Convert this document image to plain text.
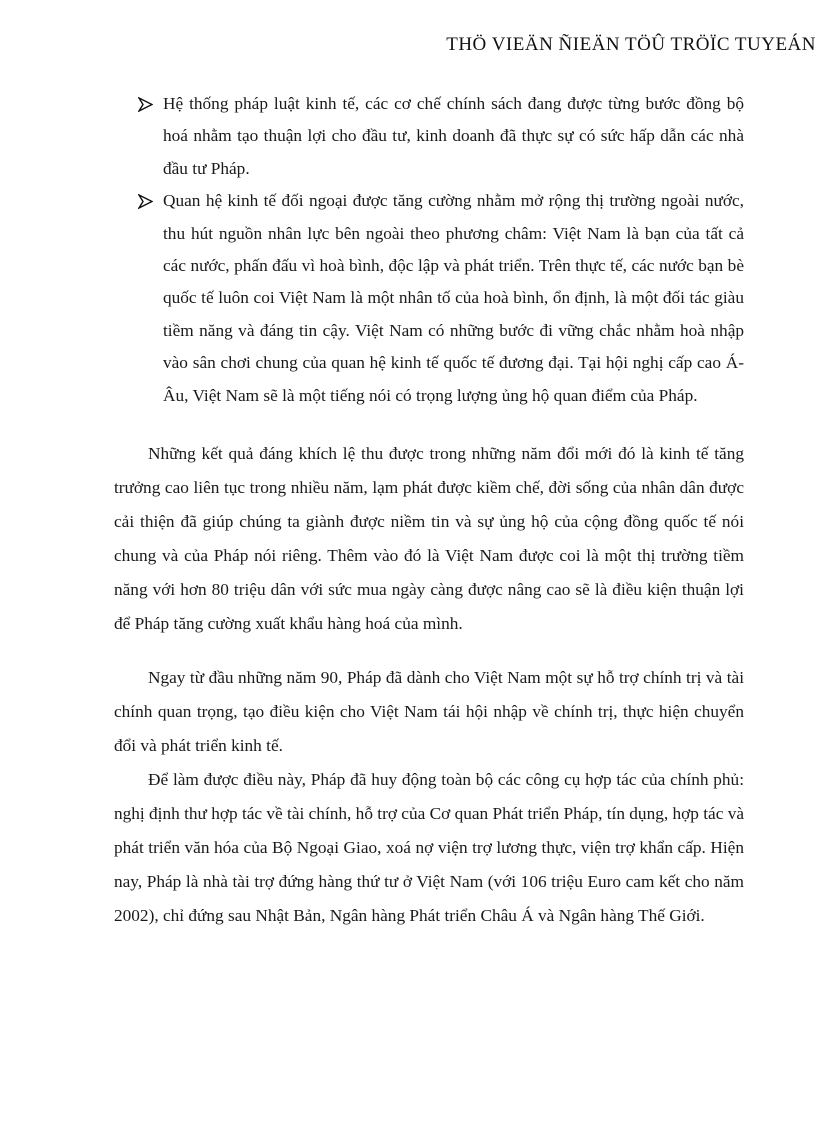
THÖ VIEÄN ÑIEÄN TÖÛ TRÖÏC TUYEÁN
Hệ thống pháp luật kinh tế, các cơ chế chính sách đang được từng bước đồng bộ hoá nhằm tạo thuận lợi cho đầu tư, kinh doanh đã thực sự có sức hấp dẫn các nhà đầu tư Pháp.
Quan hệ kinh tế đối ngoại được tăng cường nhằm mở rộng thị trường ngoài nước, thu hút nguồn nhân lực bên ngoài theo phương châm: Việt Nam là bạn của tất cả các nước, phấn đấu vì hoà bình, độc lập và phát triển. Trên thực tế, các nước bạn bè quốc tế luôn coi Việt Nam là một nhân tố của hoà bình, ổn định, là một đối tác giàu tiềm năng và đáng tin cậy. Việt Nam có những bước đi vững chắc nhằm hoà nhập vào sân chơi chung của quan hệ kinh tế quốc tế đương đại. Tại hội nghị cấp cao Á-Âu, Việt Nam sẽ là một tiếng nói có trọng lượng ủng hộ quan điểm của Pháp.

Những kết quả đáng khích lệ thu được trong những năm đổi mới đó là kinh tế tăng trưởng cao liên tục trong nhiều năm, lạm phát được kiềm chế, đời sống của nhân dân được cải thiện đã giúp chúng ta giành được niềm tin và sự ủng hộ của cộng đồng quốc tế nói chung và của Pháp nói riêng. Thêm vào đó là Việt Nam được coi là một thị trường tiềm năng với hơn 80 triệu dân với sức mua ngày càng được nâng cao sẽ là điều kiện thuận lợi để Pháp tăng cường xuất khẩu hàng hoá của mình.

Ngay từ đầu những năm 90, Pháp đã dành cho Việt Nam một sự hỗ trợ chính trị và tài chính quan trọng, tạo điều kiện cho Việt Nam tái hội nhập về chính trị, thực hiện chuyển đổi và phát triển kinh tế.

Để làm được điều này, Pháp đã huy động toàn bộ các công cụ hợp tác của chính phủ: nghị định thư hợp tác về tài chính, hỗ trợ của Cơ quan Phát triển Pháp, tín dụng, hợp tác và phát triển văn hóa của Bộ Ngoại Giao, xoá nợ viện trợ lương thực, viện trợ khẩn cấp. Hiện nay, Pháp là nhà tài trợ đứng hàng thứ tư ở Việt Nam (với 106 triệu Euro cam kết cho năm 2002), chỉ đứng sau Nhật Bản, Ngân hàng Phát triển Châu Á và Ngân hàng Thế Giới.
